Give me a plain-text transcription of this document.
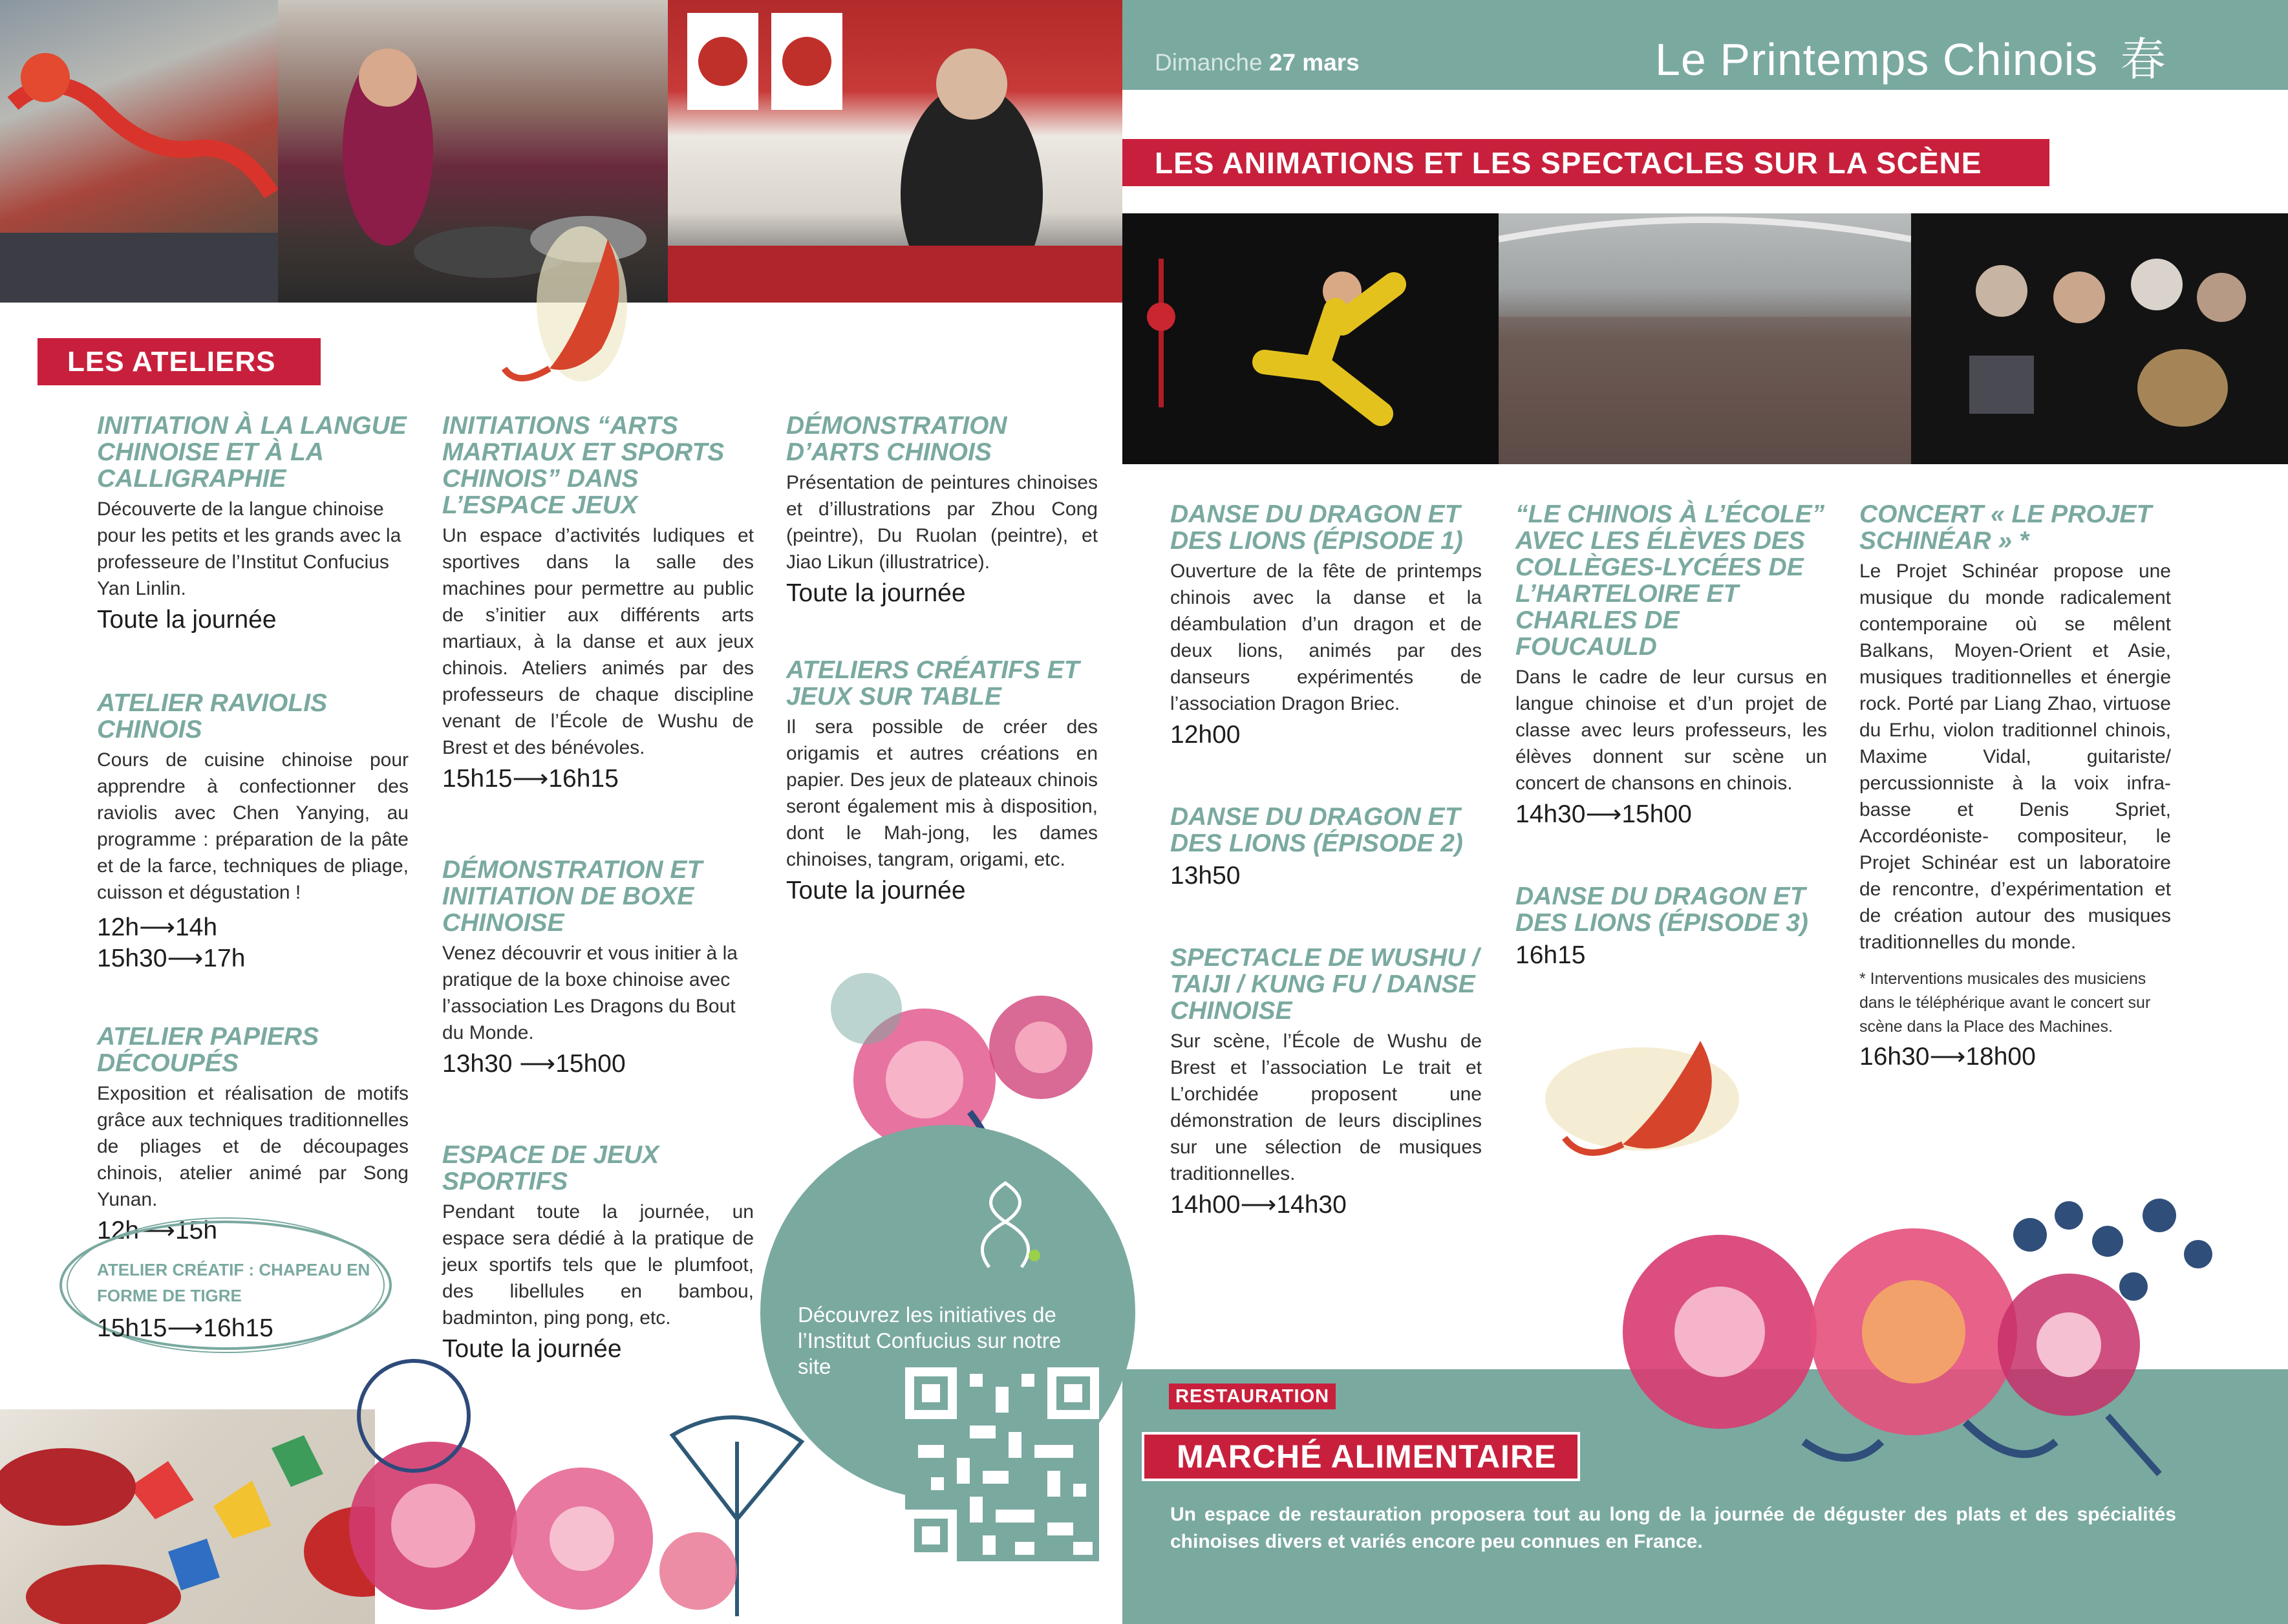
LES ATELIERS

INITIATION À LA LANGUE CHINOISE ET À LA CALLIGRAPHIE

Découverte de la langue chinoise pour les petits et les grands avec la professeure de l’Institut Confucius Yan Linlin.

Toute la journée

ATELIER RAVIOLIS CHINOIS

Cours de cuisine chinoise pour apprendre à confectionner des raviolis avec Chen Yanying, au programme : préparation de la pâte et de la farce, techniques de pliage, cuisson et dégustation !

12h⟶14h
15h30⟶17h

ATELIER PAPIERS DÉCOUPÉS

Exposition et réalisation de motifs grâce aux techniques traditionnelles de pliages et de découpages chinois, atelier animé par Song Yunan.

12h⟶15h

ATELIER CRÉATIF : CHAPEAU EN FORME DE TIGRE

15h15⟶16h15

INITIATIONS “ARTS MARTIAUX ET SPORTS CHINOIS” DANS L’ESPACE JEUX

Un espace d’activités ludiques et sportives dans la salle des machines pour permettre au public de s’initier aux différents arts martiaux, à la danse et aux jeux chinois. Ateliers animés par des professeurs de chaque discipline venant de l’École de Wushu de Brest et des bénévoles.

15h15⟶16h15

DÉMONSTRATION ET INITIATION DE BOXE CHINOISE

Venez découvrir et vous initier à la pratique de la boxe chinoise avec l’association Les Dragons du Bout du Monde.

13h30 ⟶15h00

ESPACE DE JEUX SPORTIFS

Pendant toute la journée, un espace sera dédié à la pratique de jeux sportifs tels que le plumfoot, des libellules en bambou, badminton, ping pong, etc.

Toute la journée

DÉMONSTRATION D’ARTS CHINOIS

Présentation de peintures chinoises et d’illustrations par Zhou Cong (peintre), Du Ruolan (peintre), et Jiao Likun (illustratrice).

Toute la journée

ATELIERS CRÉATIFS ET JEUX SUR TABLE

Il sera possible de créer des origamis et autres créations en papier. Des jeux de plateaux chinois seront également mis à disposition, dont le Mah-jong, les dames chinoises, tangram, origami, etc.

Toute la journée

Découvrez les initiatives de l’Institut Confucius sur notre site

Dimanche 27 mars	Le Printemps Chinois 春
LES ANIMATIONS ET LES SPECTACLES SUR LA SCÈNE

DANSE DU DRAGON ET DES LIONS (ÉPISODE 1)

Ouverture de la fête de printemps chinois avec la danse et la déambulation d’un dragon et de deux lions, animés par des danseurs expérimentés de l’association Dragon Briec.

12h00

DANSE DU DRAGON ET DES LIONS (ÉPISODE 2)

13h50

SPECTACLE DE WUSHU / TAIJI / KUNG FU / DANSE CHINOISE

Sur scène, l’École de Wushu de Brest et l’association Le trait et L’orchidée proposent une démonstration de leurs disciplines sur une sélection de musiques traditionnelles.

14h00⟶14h30

“LE CHINOIS À L’ÉCOLE” AVEC LES ÉLÈVES DES COLLÈGES-LYCÉES DE L’HARTELOIRE ET CHARLES DE FOUCAULD

Dans le cadre de leur cursus en langue chinoise et d’un projet de classe avec leurs professeurs, les élèves donnent sur scène un concert de chansons en chinois.

14h30⟶15h00

DANSE DU DRAGON ET DES LIONS (ÉPISODE 3)

16h15

CONCERT « LE PROJET SCHINÉAR » *

Le Projet Schinéar propose une musique du monde radicalement contemporaine où se mêlent Balkans, Moyen-Orient et Asie, musiques traditionnelles et énergie rock. Porté par Liang Zhao, virtuose du Erhu, violon traditionnel chinois, Maxime Vidal, guitariste/ percussionniste à la voix infra-basse et Denis Spriet, Accordéoniste- compositeur, le Projet Schinéar est un laboratoire de rencontre, d’expérimentation et de création autour des musiques traditionnelles du monde.

* Interventions musicales des musiciens dans le téléphérique avant le concert sur scène dans la Place des Machines.

16h30⟶18h00

RESTAURATION
MARCHÉ ALIMENTAIRE

Un espace de restauration proposera tout au long de la journée de déguster des plats et des spécialités chinoises divers et variés encore peu connues en France.
